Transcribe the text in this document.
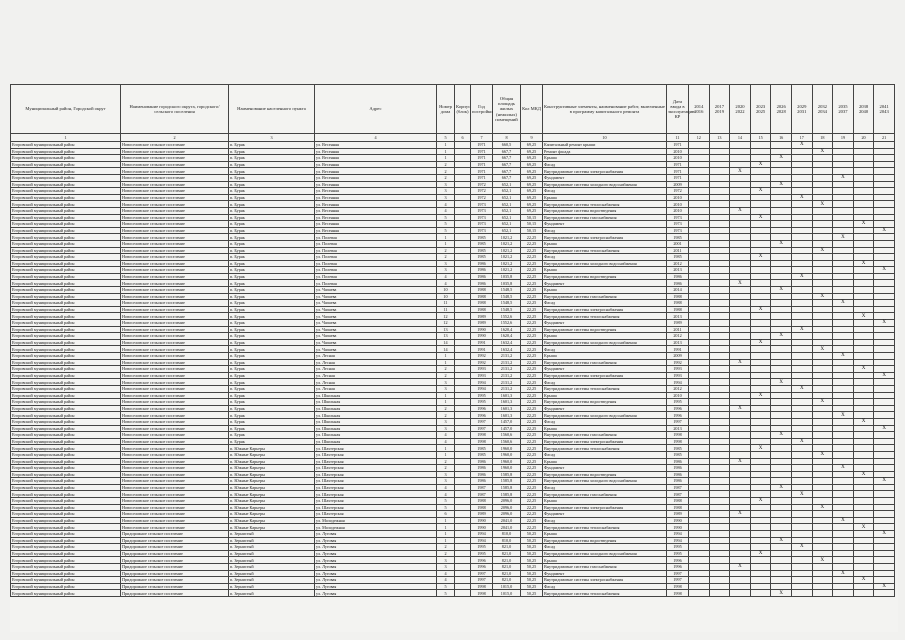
Муниципальный район, Городской округ	Наименование городского округа, городского/сельского поселения	Наименование населенного пункта	Адрес	Номер дома	Корпус (блок)	Год постройки	Общая площадь жилых (нежилых) помещений	Кол МКД	Конструктивные элементы, наименование работ, включенные в программу капитального ремонта	Дата ввода в эксплуатацию КР	2014 2016	2017 2019	2020 2022	2023 2025	2026 2028	2029 2031	2032 2034	2035 2037	2038 2040	2041 2043
1	2	3	4	5	6	7	8	9	10	11	12	13	14	15	16	17	18	19	20	21
Егоровский муниципальный район	Новоселовское сельское поселение	п. Буряк	ул. Весенняя	1		1971	660,5	69,25	Капитальный ремонт крыши	1971						X				
Егоровский муниципальный район	Новоселовское сельское поселение	п. Буряк	ул. Весенняя	1		1971	667,7	69,25	Ремонт фасада	2010							X			
Егоровский муниципальный район	Новоселовское сельское поселение	п. Буряк	ул. Весенняя	1		1971	667,7	69,25	Крыша	2010					X					
Егоровский муниципальный район	Новоселовское сельское поселение	п. Буряк	ул. Весенняя	2		1971	667,7	69,25	Фасад	1971				X						
Егоровский муниципальный район	Новоселовское сельское поселение	п. Буряк	ул. Весенняя	2		1971	667,7	69,25	Внутридомовые системы электроснабжения	1971			X							
Егоровский муниципальный район	Новоселовское сельское поселение	п. Буряк	ул. Весенняя	2		1971	667,7	69,25	Фундамент	1971								X		
Егоровский муниципальный район	Новоселовское сельское поселение	п. Буряк	ул. Весенняя	3		1972	652,1	69,25	Внутридомовые системы холодного водоснабжения	2009					X					
Егоровский муниципальный район	Новоселовское сельское поселение	п. Буряк	ул. Весенняя	3		1972	652,1	69,25	Фасад	1972				X						
Егоровский муниципальный район	Новоселовское сельское поселение	п. Буряк	ул. Весенняя	3		1972	652,1	69,25	Крыша	2010						X				
Егоровский муниципальный район	Новоселовское сельское поселение	п. Буряк	ул. Весенняя	4		1973	652,1	69,25	Внутридомовые системы теплоснабжения	2010							X			
Егоровский муниципальный район	Новоселовское сельское поселение	п. Буряк	ул. Весенняя	4		1973	652,1	69,25	Внутридомовые системы водоотведения	2010			X							
Егоровский муниципальный район	Новоселовское сельское поселение	п. Буряк	ул. Весенняя	5		1973	652,1	50,15	Внутридомовые системы газоснабжения	1973				X						
Егоровский муниципальный район	Новоселовское сельское поселение	п. Буряк	ул. Весенняя	5		1973	652,1	50,15	Фундамент	1973									X	
Егоровский муниципальный район	Новоселовское сельское поселение	п. Буряк	ул. Весенняя	5		1973	652,1	50,15	Фасад	1973										X
Егоровский муниципальный район	Новоселовское сельское поселение	п. Буряк	ул. Полевая	1		1985	1021,2	22,25	Внутридомовые системы электроснабжения	1985								X		
Егоровский муниципальный район	Новоселовское сельское поселение	п. Буряк	ул. Полевая	1		1985	1021,2	22,25	Крыша	2001					X					
Егоровский муниципальный район	Новоселовское сельское поселение	п. Буряк	ул. Полевая	2		1985	1021,2	22,25	Внутридомовые системы теплоснабжения	2011							X			
Егоровский муниципальный район	Новоселовское сельское поселение	п. Буряк	ул. Полевая	2		1985	1021,2	22,25	Фасад	1985				X						
Егоровский муниципальный район	Новоселовское сельское поселение	п. Буряк	ул. Полевая	3		1986	1021,2	22,25	Внутридомовые системы холодного водоснабжения	2012									X	
Егоровский муниципальный район	Новоселовское сельское поселение	п. Буряк	ул. Полевая	3		1986	1021,2	22,25	Крыша	2013										X
Егоровский муниципальный район	Новоселовское сельское поселение	п. Буряк	ул. Полевая	4		1986	1035,8	22,25	Внутридомовые системы водоотведения	1986						X				
Егоровский муниципальный район	Новоселовское сельское поселение	п. Буряк	ул. Полевая	4		1986	1035,8	22,25	Фундамент	1986			X							
Егоровский муниципальный район	Новоселовское сельское поселение	п. Буряк	ул. Чапаева	10		1988	1548,5	22,25	Крыша	2014					X					
Егоровский муниципальный район	Новоселовское сельское поселение	п. Буряк	ул. Чапаева	10		1988	1548,5	22,25	Внутридомовые системы газоснабжения	1988							X			
Егоровский муниципальный район	Новоселовское сельское поселение	п. Буряк	ул. Чапаева	11		1988	1548,5	22,25	Фасад	1988								X		
Егоровский муниципальный район	Новоселовское сельское поселение	п. Буряк	ул. Чапаева	11		1988	1548,5	22,25	Внутридомовые системы электроснабжения	1988				X						
Егоровский муниципальный район	Новоселовское сельское поселение	п. Буряк	ул. Чапаева	12		1989	1552,6	22,25	Внутридомовые системы теплоснабжения	2013									X	
Егоровский муниципальный район	Новоселовское сельское поселение	п. Буряк	ул. Чапаева	12		1989	1552,6	22,25	Фундамент	1989										X
Егоровский муниципальный район	Новоселовское сельское поселение	п. Буряк	ул. Чапаева	13		1990	1620,4	22,25	Внутридомовые системы водоотведения	2011						X				
Егоровский муниципальный район	Новоселовское сельское поселение	п. Буряк	ул. Чапаева	13		1990	1620,4	22,25	Крыша	2012					X					
Егоровский муниципальный район	Новоселовское сельское поселение	п. Буряк	ул. Чапаева	14		1991	1632,4	22,25	Внутридомовые системы холодного водоснабжения	2013				X						
Егоровский муниципальный район	Новоселовское сельское поселение	п. Буряк	ул. Чапаева	14		1991	1632,4	22,25	Фасад	1991							X			
Егоровский муниципальный район	Новоселовское сельское поселение	п. Буряк	ул. Лесная	1		1992	2131,2	22,25	Крыша	2009								X		
Егоровский муниципальный район	Новоселовское сельское поселение	п. Буряк	ул. Лесная	1		1992	2131,2	22,25	Внутридомовые системы газоснабжения	1992			X							
Егоровский муниципальный район	Новоселовское сельское поселение	п. Буряк	ул. Лесная	2		1993	2131,2	22,25	Фундамент	1993									X	
Егоровский муниципальный район	Новоселовское сельское поселение	п. Буряк	ул. Лесная	2		1993	2131,2	22,25	Внутридомовые системы электроснабжения	1993										X
Егоровский муниципальный район	Новоселовское сельское поселение	п. Буряк	ул. Лесная	3		1994	2131,2	22,25	Фасад	1994					X					
Егоровский муниципальный район	Новоселовское сельское поселение	п. Буряк	ул. Лесная	3		1994	2131,2	22,25	Внутридомовые системы теплоснабжения	2012						X				
Егоровский муниципальный район	Новоселовское сельское поселение	п. Буряк	ул. Школьная	1		1995	1601,3	22,25	Крыша	2010				X						
Егоровский муниципальный район	Новоселовское сельское поселение	п. Буряк	ул. Школьная	1		1995	1601,3	22,25	Внутридомовые системы водоотведения	1995							X			
Егоровский муниципальный район	Новоселовское сельское поселение	п. Буряк	ул. Школьная	2		1996	1601,3	22,25	Фундамент	1996			X							
Егоровский муниципальный район	Новоселовское сельское поселение	п. Буряк	ул. Школьная	2		1996	1601,3	22,25	Внутридомовые системы холодного водоснабжения	1996								X		
Егоровский муниципальный район	Новоселовское сельское поселение	п. Буряк	ул. Школьная	3		1997	1457,0	22,25	Фасад	1997									X	
Егоровский муниципальный район	Новоселовское сельское поселение	п. Буряк	ул. Школьная	3		1997	1457,0	22,25	Крыша	2013										X
Егоровский муниципальный район	Новоселовское сельское поселение	п. Буряк	ул. Школьная	4		1998	1560,6	22,25	Внутридомовые системы газоснабжения	1998					X					
Егоровский муниципальный район	Новоселовское сельское поселение	п. Буряк	ул. Школьная	4		1998	1560,6	22,25	Внутридомовые системы электроснабжения	1998						X				
Егоровский муниципальный район	Новоселовское сельское поселение	п. Южные Карьеры	ул. Шахтерская	1		1985	1960,0	22,25	Внутридомовые системы теплоснабжения	1985				X						
Егоровский муниципальный район	Новоселовское сельское поселение	п. Южные Карьеры	ул. Шахтерская	1		1985	1960,0	22,25	Фасад	1985							X			
Егоровский муниципальный район	Новоселовское сельское поселение	п. Южные Карьеры	ул. Шахтерская	2		1986	1960,0	22,25	Крыша	1986			X							
Егоровский муниципальный район	Новоселовское сельское поселение	п. Южные Карьеры	ул. Шахтерская	2		1986	1960,0	22,25	Фундамент	1986								X		
Егоровский муниципальный район	Новоселовское сельское поселение	п. Южные Карьеры	ул. Шахтерская	3		1986	1585,8	22,25	Внутридомовые системы водоотведения	1986									X	
Егоровский муниципальный район	Новоселовское сельское поселение	п. Южные Карьеры	ул. Шахтерская	3		1986	1585,8	22,25	Внутридомовые системы холодного водоснабжения	1986										X
Егоровский муниципальный район	Новоселовское сельское поселение	п. Южные Карьеры	ул. Шахтерская	4		1987	1585,8	22,25	Фасад	1987					X					
Егоровский муниципальный район	Новоселовское сельское поселение	п. Южные Карьеры	ул. Шахтерская	4		1987	1585,8	22,25	Внутридомовые системы газоснабжения	1987						X				
Егоровский муниципальный район	Новоселовское сельское поселение	п. Южные Карьеры	ул. Шахтерская	5		1988	2096,0	22,25	Крыша	1988				X						
Егоровский муниципальный район	Новоселовское сельское поселение	п. Южные Карьеры	ул. Шахтерская	5		1988	2096,0	22,25	Внутридомовые системы электроснабжения	1988							X			
Егоровский муниципальный район	Новоселовское сельское поселение	п. Южные Карьеры	ул. Шахтерская	6		1989	2096,0	22,25	Фундамент	1989			X							
Егоровский муниципальный район	Новоселовское сельское поселение	п. Южные Карьеры	ул. Молодежная	1		1990	2041,0	22,25	Фасад	1990								X		
Егоровский муниципальный район	Новоселовское сельское поселение	п. Южные Карьеры	ул. Молодежная	1		1990	2041,0	22,25	Внутридомовые системы теплоснабжения	1990									X	
Егоровский муниципальный район	Придорожное сельское поселение	п. Зернистый	ул. Луговая	1		1994	810,0	50,25	Крыша	1994										X
Егоровский муниципальный район	Придорожное сельское поселение	п. Зернистый	ул. Луговая	1		1994	810,0	50,25	Внутридомовые системы водоотведения	1994					X					
Егоровский муниципальный район	Придорожное сельское поселение	п. Зернистый	ул. Луговая	2		1995	821,0	50,25	Фасад	1995						X				
Егоровский муниципальный район	Придорожное сельское поселение	п. Зернистый	ул. Луговая	2		1995	821,0	50,25	Внутридомовые системы холодного водоснабжения	1995				X						
Егоровский муниципальный район	Придорожное сельское поселение	п. Зернистый	ул. Луговая	3		1996	821,0	50,25	Крыша	1996							X			
Егоровский муниципальный район	Придорожное сельское поселение	п. Зернистый	ул. Луговая	3		1996	821,0	50,25	Внутридомовые системы газоснабжения	1996			X							
Егоровский муниципальный район	Придорожное сельское поселение	п. Зернистый	ул. Луговая	4		1997	821,0	50,25	Фундамент	1997								X		
Егоровский муниципальный район	Придорожное сельское поселение	п. Зернистый	ул. Луговая	4		1997	821,0	50,25	Внутридомовые системы электроснабжения	1997									X	
Егоровский муниципальный район	Придорожное сельское поселение	п. Зернистый	ул. Луговая	5		1998	1015,0	50,25	Фасад	1998										X
Егоровский муниципальный район	Придорожное сельское поселение	п. Зернистый	ул. Луговая	5		1998	1015,0	50,25	Внутридомовые системы теплоснабжения	1998					X					
